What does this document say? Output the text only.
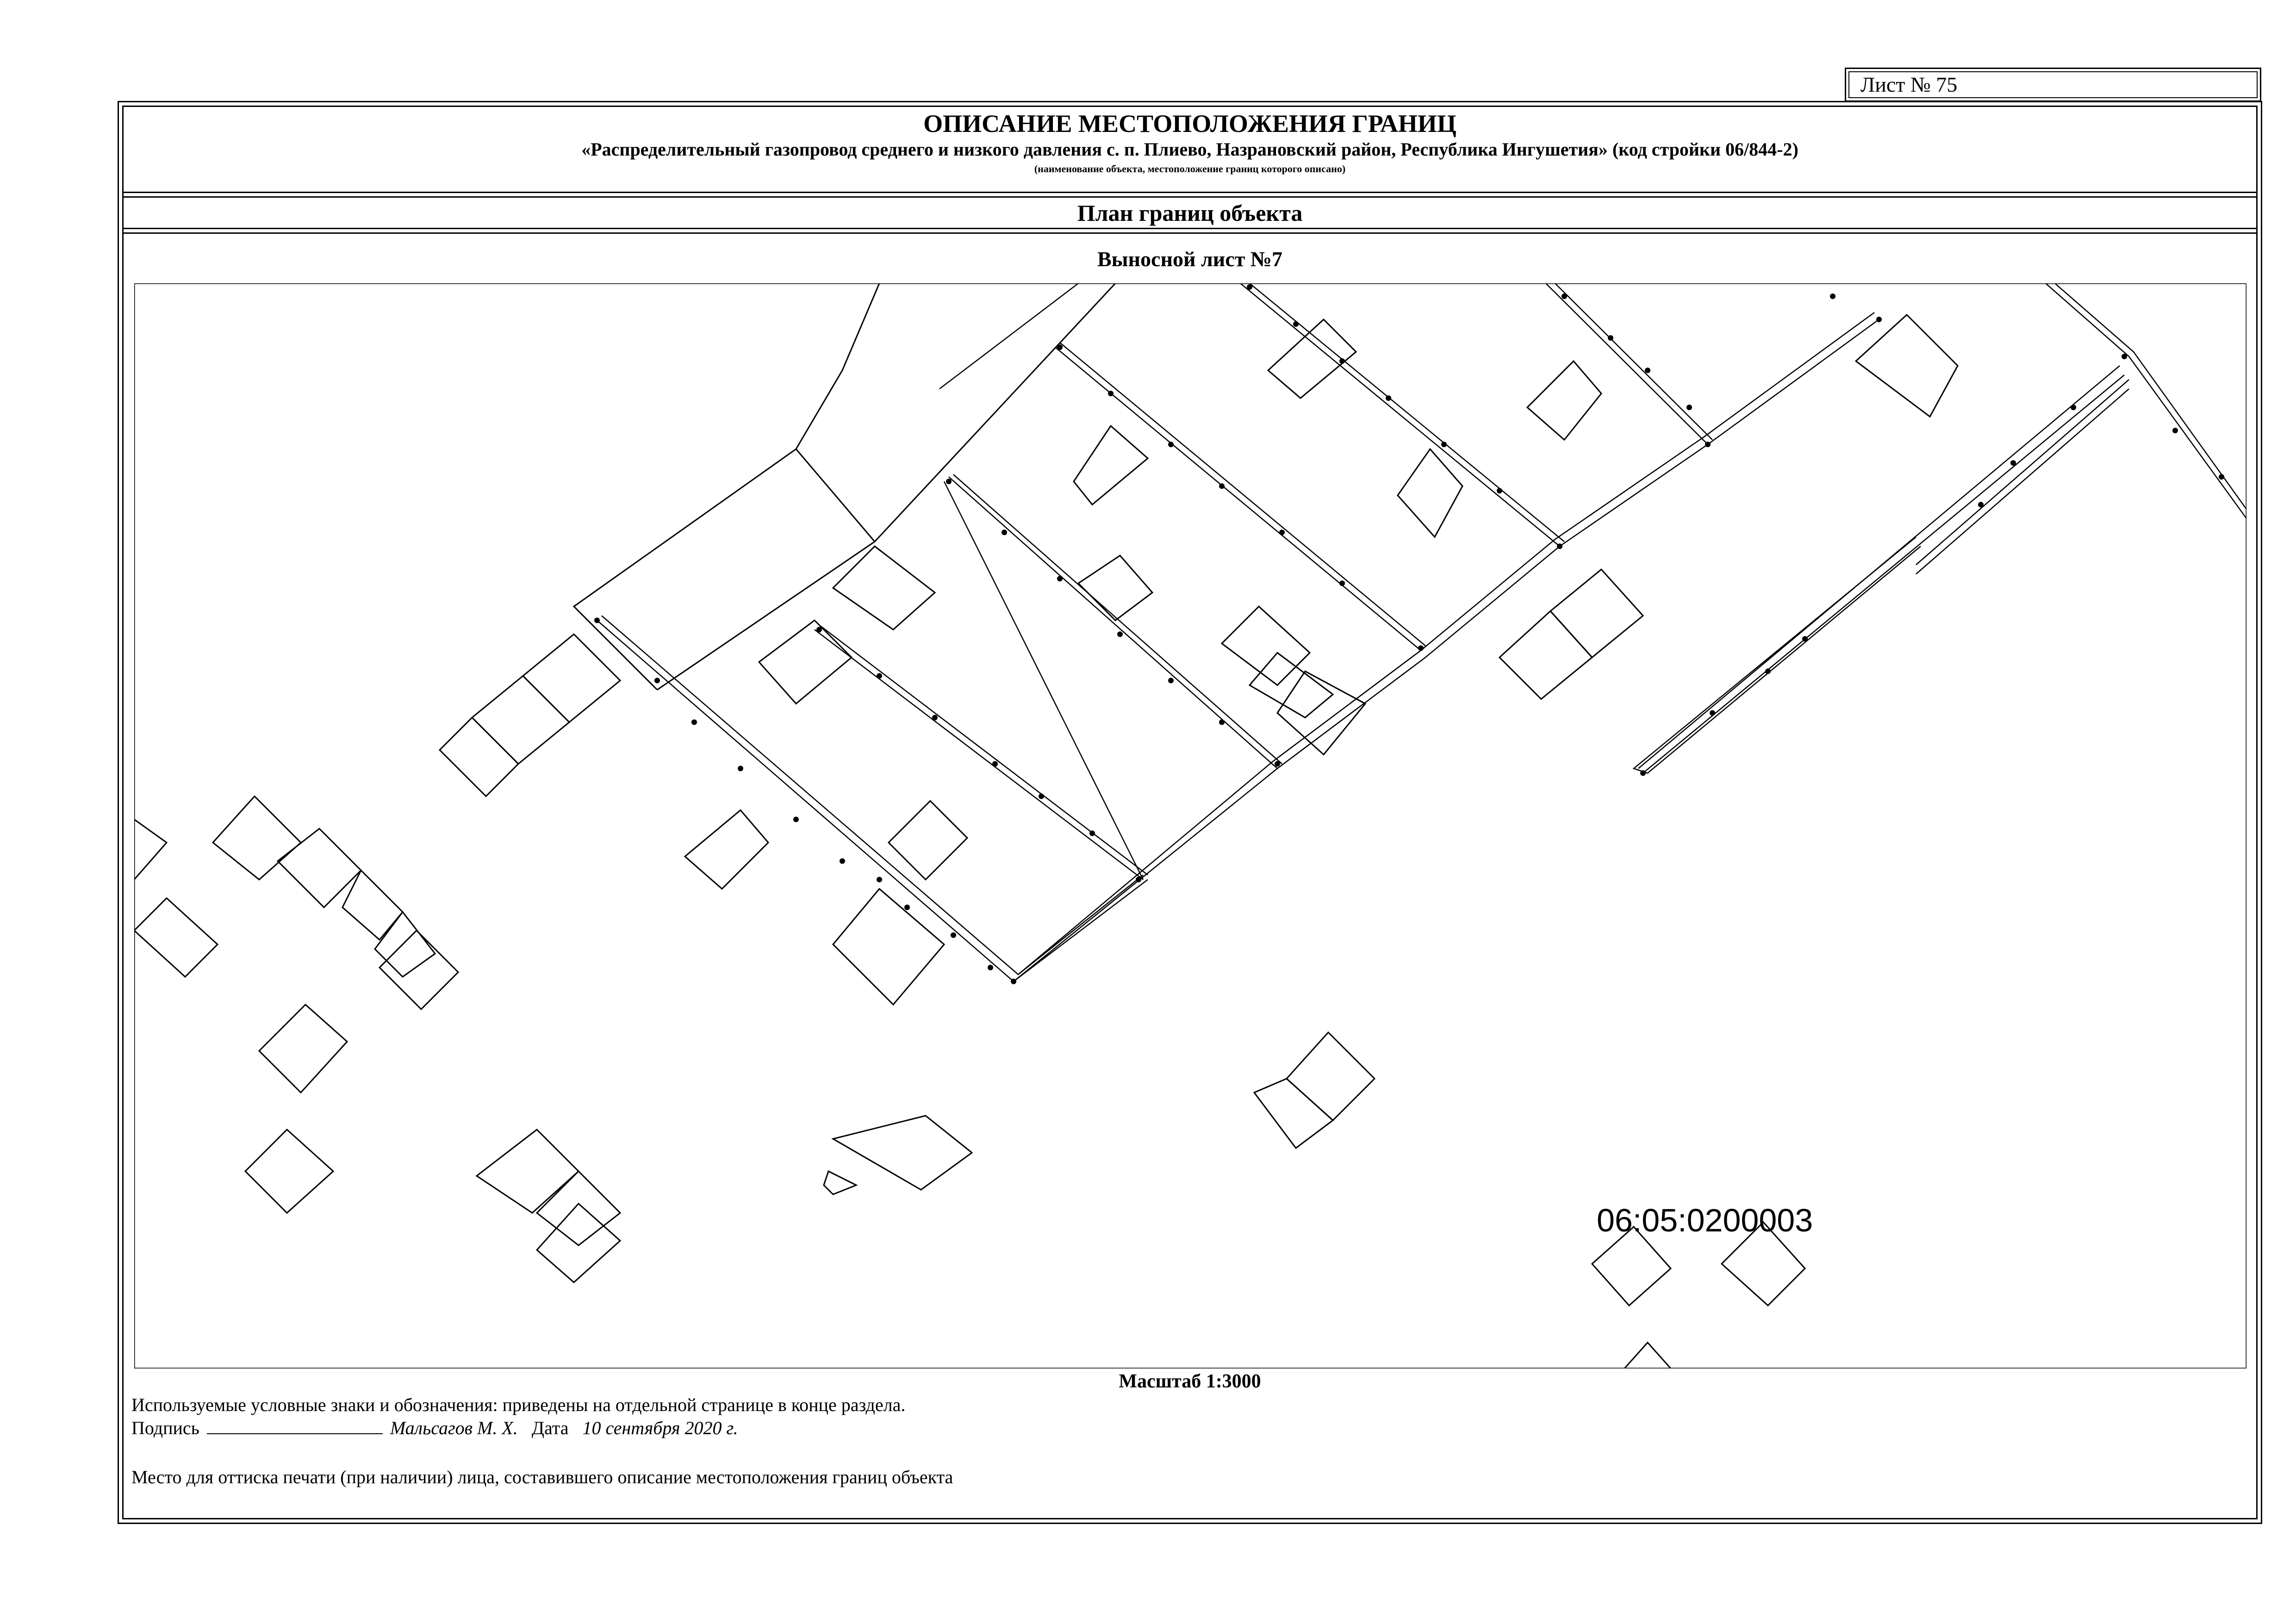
Лист № 75
ОПИСАНИЕ МЕСТОПОЛОЖЕНИЯ ГРАНИЦ
«Распределительный газопровод среднего и низкого давления с. п. Плиево, Назрановский район, Республика Ингушетия» (код стройки 06/844-2)
(наименование объекта, местоположение границ которого описано)
План границ объекта
Выносной лист №7
06:05:0200003
Масштаб 1:3000
Используемые условные знаки и обозначения: приведены на отдельной странице в конце раздела.
Подпись	Мальсагов М. Х. Дата 10 сентября 2020 г.
Место для оттиска печати (при наличии) лица, составившего описание местоположения границ объекта
